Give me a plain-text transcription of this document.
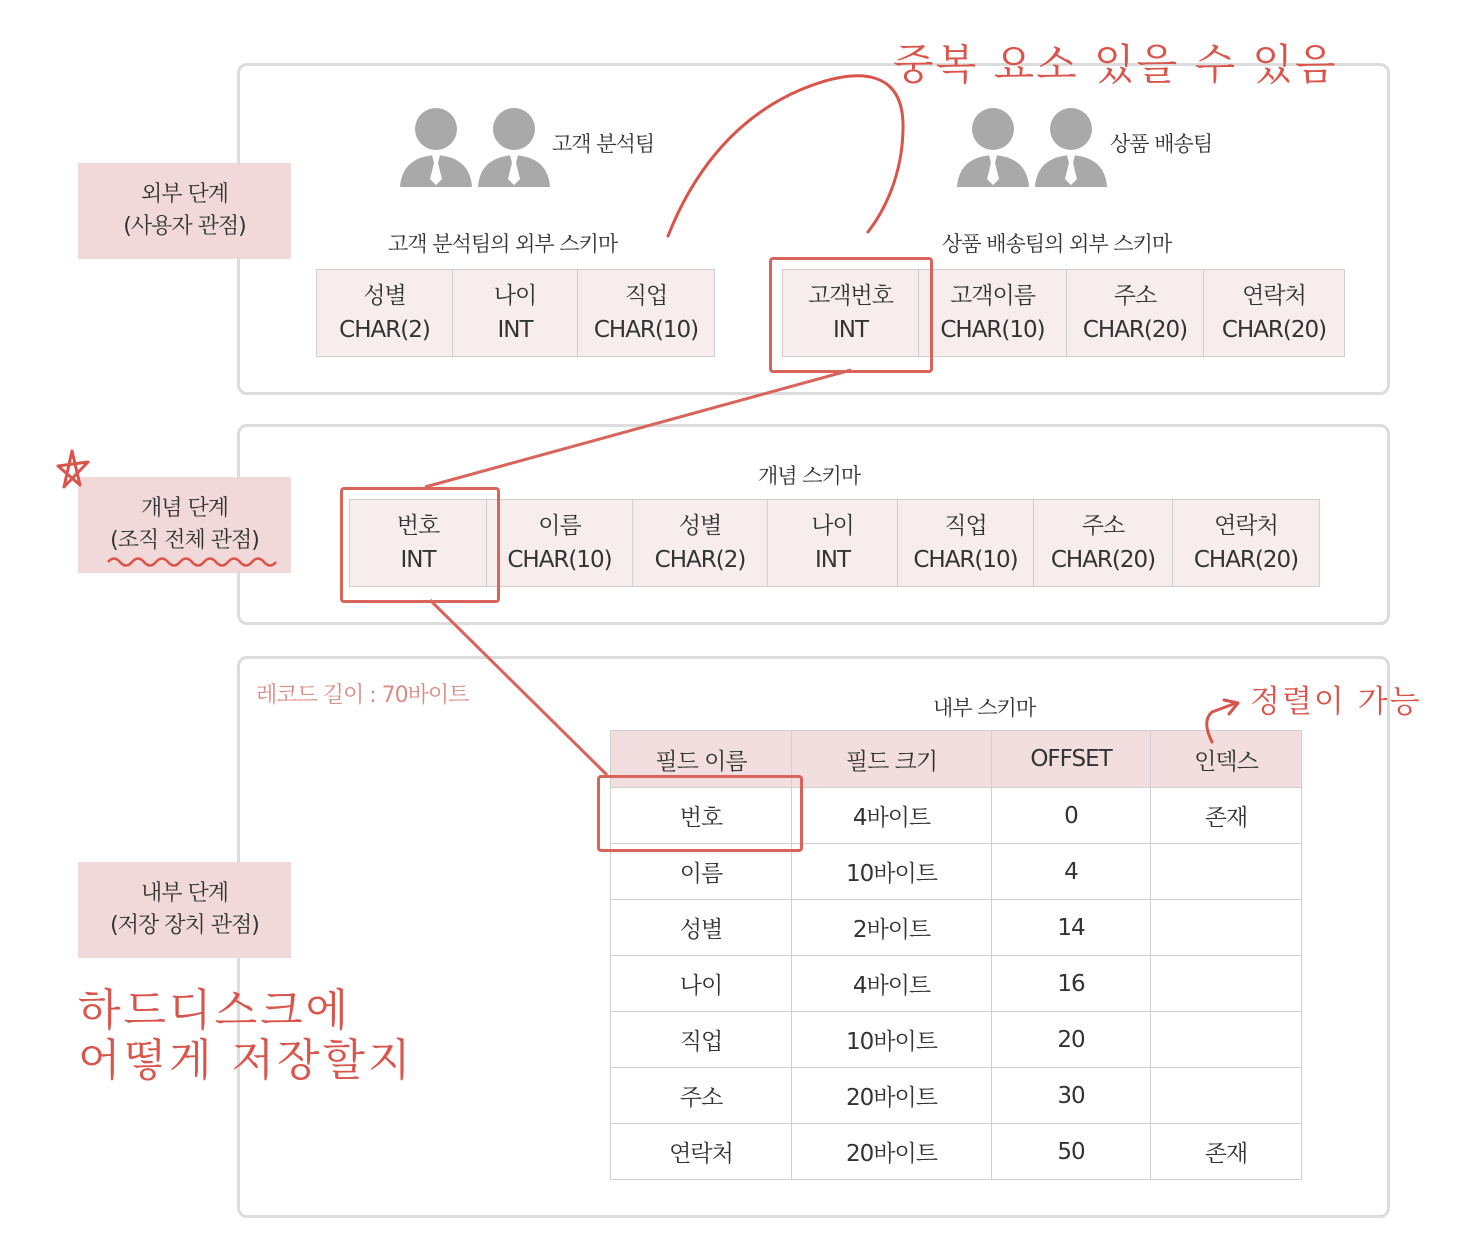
외부 단계
(사용자 관점)
개념 단계
(조직 전체 관점)
내부 단계
(저장 장치 관점)
고객 분석팀	상품 배송팀
고객 분석팀의 외부 스키마	상품 배송팀의 외부 스키마
성별
CHAR(2)

나이
INT

직업
CHAR(10)
고객번호
INT

고객이름
CHAR(10)

주소
CHAR(20)

연락처
CHAR(20)
개념 스키마
번호
INT

이름
CHAR(10)

성별
CHAR(2)

나이
INT

직업
CHAR(10)

주소
CHAR(20)

연락처
CHAR(20)
레코드 길이 : 70바이트	내부 스키마
필드 이름	필드 크기	OFFSET	인덱스
번호	4바이트	0	존재
이름	10바이트	4	
성별	2바이트	14	
나이	4바이트	16	
직업	10바이트	20	
주소	20바이트	30	
연락처	20바이트	50	존재
중복 요소 있을 수 있음
정렬이 가능
하드디스크에
어떻게 저장할지
